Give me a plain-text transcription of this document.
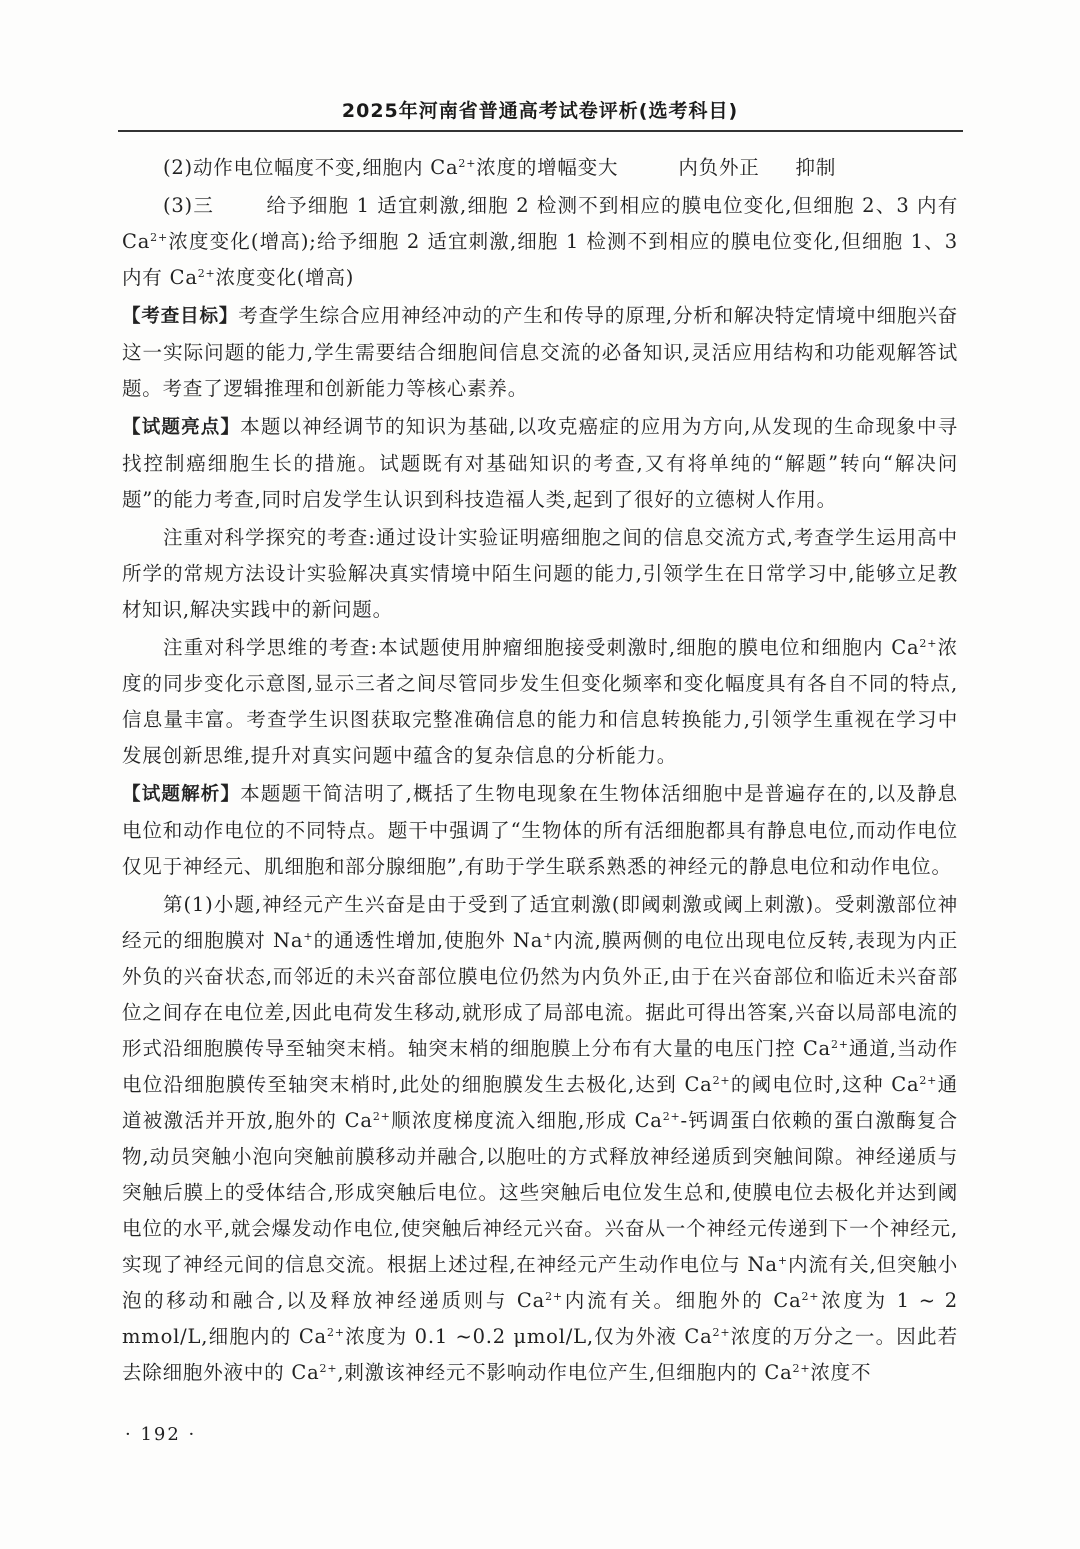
2025年河南省普通高考试卷评析(选考科目)

(2)动作电位幅度不变,细胞内 $Ca^{2+}$浓度的增幅变大	内负外正 抑制

(3)三	给予细胞 1 适宜刺激,细胞 2 检测不到相应的膜电位变化,但细胞 2、3 内有 $Ca^{2+}$浓度变化(增高);给予细胞 2 适宜刺激,细胞 1 检测不到相应的膜电位变化,但细胞 1、3 内有 $Ca^{2+}$浓度变化(增高)

【考查目标】考查学生综合应用神经冲动的产生和传导的原理,分析和解决特定情境中细胞兴奋这一实际问题的能力,学生需要结合细胞间信息交流的必备知识,灵活应用结构和功能观解答试题。考查了逻辑推理和创新能力等核心素养。

【试题亮点】本题以神经调节的知识为基础,以攻克癌症的应用为方向,从发现的生命现象中寻找控制癌细胞生长的措施。试题既有对基础知识的考查,又有将单纯的“解题”转向“解决问题”的能力考查,同时启发学生认识到科技造福人类,起到了很好的立德树人作用。

注重对科学探究的考查:通过设计实验证明癌细胞之间的信息交流方式,考查学生运用高中所学的常规方法设计实验解决真实情境中陌生问题的能力,引领学生在日常学习中,能够立足教材知识,解决实践中的新问题。

注重对科学思维的考查:本试题使用肿瘤细胞接受刺激时,细胞的膜电位和细胞内 $Ca^{2+}$浓度的同步变化示意图,显示三者之间尽管同步发生但变化频率和变化幅度具有各自不同的特点,信息量丰富。考查学生识图获取完整准确信息的能力和信息转换能力,引领学生重视在学习中发展创新思维,提升对真实问题中蕴含的复杂信息的分析能力。

【试题解析】本题题干简洁明了,概括了生物电现象在生物体活细胞中是普遍存在的,以及静息电位和动作电位的不同特点。题干中强调了“生物体的所有活细胞都具有静息电位,而动作电位仅见于神经元、肌细胞和部分腺细胞”,有助于学生联系熟悉的神经元的静息电位和动作电位。

第(1)小题,神经元产生兴奋是由于受到了适宜刺激(即阈刺激或阈上刺激)。受刺激部位神经元的细胞膜对 Na+的通透性增加,使胞外 Na+内流,膜两侧的电位出现电位反转,表现为内正外负的兴奋状态,而邻近的未兴奋部位膜电位仍然为内负外正,由于在兴奋部位和临近未兴奋部位之间存在电位差,因此电荷发生移动,就形成了局部电流。据此可得出答案,兴奋以局部电流的形式沿细胞膜传导至轴突末梢。轴突末梢的细胞膜上分布有大量的电压门控 $Ca^{2+}$通道,当动作电位沿细胞膜传至轴突末梢时,此处的细胞膜发生去极化,达到 $Ca^{2+}$的阈电位时,这种 $Ca^{2+}$通道被激活并开放,胞外的 $Ca^{2+}$顺浓度梯度流入细胞,形成 $Ca^{2+}-$钙调蛋白依赖的蛋白激酶复合物,动员突触小泡向突触前膜移动并融合,以胞吐的方式释放神经递质到突触间隙。神经递质与突触后膜上的受体结合,形成突触后电位。这些突触后电位发生总和,使膜电位去极化并达到阈电位的水平,就会爆发动作电位,使突触后神经元兴奋。兴奋从一个神经元传递到下一个神经元,实现了神经元间的信息交流。根据上述过程,在神经元产生动作电位与 Na+内流有关,但突触小泡的移动和融合,以及释放神经递质则与 $Ca^{2+}$内流有关。细胞外的 $Ca^{2+}$浓度为 1 ~ 2 mmol/L,细胞内的 $Ca^{2+}$浓度为 0.1 ~0.2 μmol/L,仅为外液 $Ca^{2+}$浓度的万分之一。因此若去除细胞外液中的 $Ca^{2+}$,刺激该神经元不影响动作电位产生,但细胞内的 $Ca^{2+}$浓度不

· 192 ·
